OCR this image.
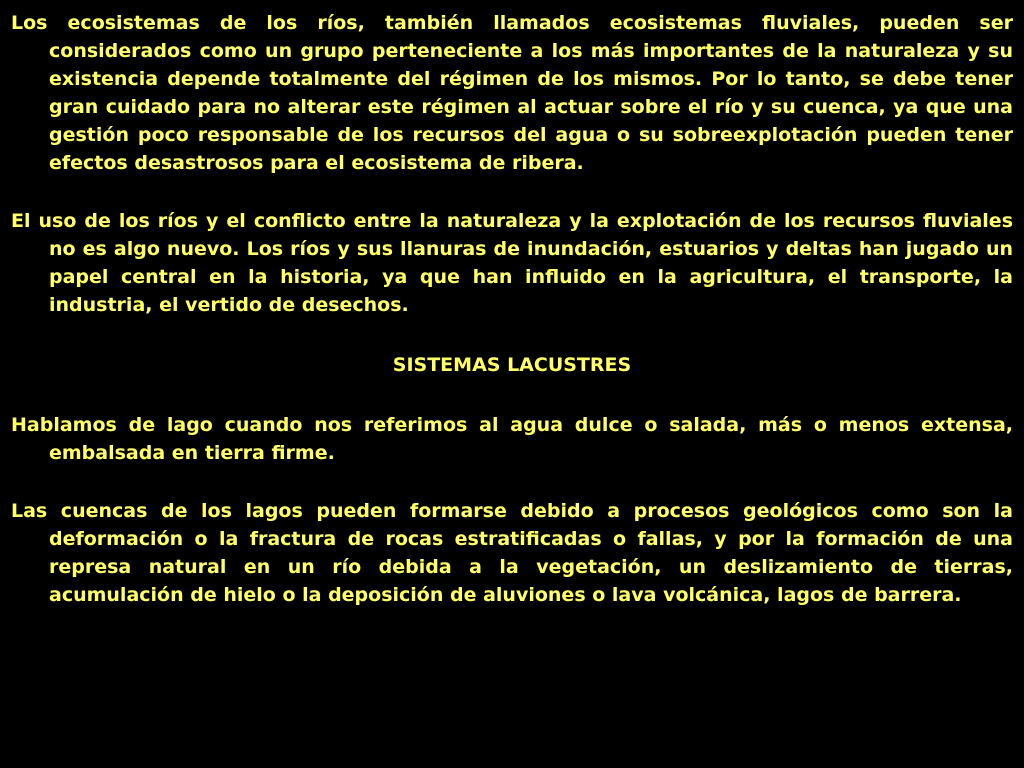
Los ecosistemas de los ríos, también llamados ecosistemas fluviales, pueden ser considerados como un grupo perteneciente a los más importantes de la naturaleza y su existencia depende totalmente del régimen de los mismos. Por lo tanto, se debe tener gran cuidado para no alterar este régimen al actuar sobre el río y su cuenca, ya que una gestión poco responsable de los recursos del agua o su sobreexplotación pueden tener efectos desastrosos para el ecosistema de ribera.

El uso de los ríos y el conflicto entre la naturaleza y la explotación de los recursos fluviales no es algo nuevo. Los ríos y sus llanuras de inundación, estuarios y deltas han jugado un papel central en la historia, ya que han influido en la agricultura, el transporte, la industria, el vertido de desechos.

SISTEMAS LACUSTRES

Hablamos de lago cuando nos referimos al agua dulce o salada, más o menos extensa, embalsada en tierra firme.

Las cuencas de los lagos pueden formarse debido a procesos geológicos como son la deformación o la fractura de rocas estratificadas o fallas, y por la formación de una represa natural en un río debida a la vegetación, un deslizamiento de tierras, acumulación de hielo o la deposición de aluviones o lava volcánica, lagos de barrera.
